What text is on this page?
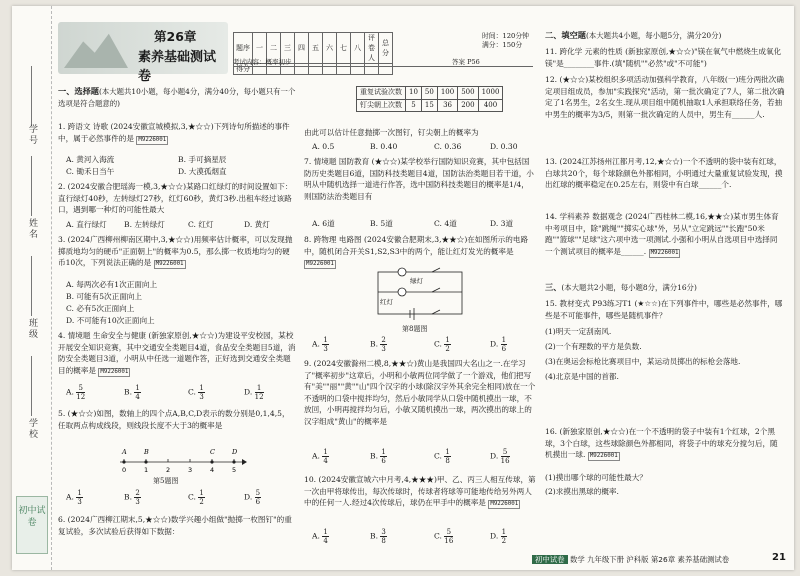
学号
姓名
班级
学校
初中试卷
第26章
素养基础测试卷
题序	一	二	三	四	五	六	七	八	评卷人	总分
得分										
时间：120分钟
满分：150分
考试内容：概率初步	答案 P56
一、选择题(本大题共10小题，每小题4分，满分40分，每小题只有一个选项是符合题意的)
1. 跨语文 诗歌 (2024安徽宣城模拟,3,★☆☆)下列诗句所描述的事件中，属于必然事件的是 M9226001
A. 黄河入海流	B. 手可摘星辰
C. 锄禾日当午	D. 大漠孤烟直
2. (2024安徽合肥瑶海一模,3,★☆☆)某路口红绿灯的时间设置如下：直行绿灯40秒，左转绿灯27秒，红灯60秒，黄灯3秒.出租车经过该路口，遇到哪一种灯的可能性最大
A. 直行绿灯 B. 左转绿灯	C. 红灯	D. 黄灯
3. (2024广西柳州柳南区期中,3,★☆☆)用频率估计概率，可以发现抛掷质地均匀的硬币"正面朝上"的概率为0.5，那么掷一枚质地均匀的硬币10次，下列说法正确的是 M9226001
A. 每两次必有1次正面向上
B. 可能有5次正面向上
C. 必有5次正面向上
D. 不可能有10次正面向上
4. 情境题 生命安全与健康 (新独家原创,★☆☆)为建设平安校园，某校开展安全知识竞赛，其中交通安全类题目4道，食品安全类题目5道，消防安全类题目3道，小明从中任选一道题作答，正好选到交通安全类题目的概率是 M9226001
A. $\frac{5}{12}$	B. $\frac{1}{4}$	C. $\frac{1}{3}$	D. $\frac{1}{12}$
5. (★☆☆)如图，数轴上的四个点A,B,C,D表示的数分别是0,1,4,5，任取两点构成线段，则线段长度不大于3的概率是
0	1	2	3	4	5
A	B	C	D
第5题图
A. $\frac{1}{3}$	B. $\frac{2}{3}$	C. $\frac{1}{2}$	D. $\frac{5}{6}$
6. (2024广西柳江期末,5,★☆☆)数学兴趣小组做"抛掷一枚图钉"的重复试验，多次试验后获得如下数据：
重复试验次数	10	50	100	500	1000
钉尖朝上次数	5	15	36	200	400
由此可以估计任意抛掷一次图钉，钉尖朝上的概率为
A. 0.5	B. 0.40	C. 0.36	D. 0.30
7. 情境题 国防教育 (★☆☆)某学校举行国防知识竞赛，其中包括国防历史类题目6道，国防科技类题目4道，国防法治类题目若干道，小明从中随机选择一道进行作答，选中国防科技类题目的概率是1/4，则国防法治类题目有
A. 6道	B. 5道	C. 4道	D. 3道
8. 跨物理 电路图 (2024安徽合肥期末,3,★★☆)在如图所示的电路中，随机闭合开关S1,S2,S3中的两个，能让红灯发光的概率是 M9226001
绿灯
红灯
第8题图
A. $\frac{1}{3}$	B. $\frac{2}{3}$	C. $\frac{1}{2}$	D. $\frac{1}{6}$
9. (2024安徽滁州二模,8,★★☆)黄山是我国四大名山之一.在学习了"概率初步"这章后，小明和小敏两位同学做了一个游戏，他们把写有"美""丽""黄""山"四个汉字的小球(除汉字外其余完全相同)放在一个不透明的口袋中搅拌均匀，然后小敏同学从口袋中随机摸出一球，不放回，小明再搅拌均匀后，小敏又随机摸出一球，两次摸出的球上的汉字组成"黄山"的概率是
A. $\frac{1}{4}$	B. $\frac{1}{6}$	C. $\frac{1}{8}$	D. $\frac{5}{16}$
10. (2024安徽宣城六中月考,4,★★★)甲、乙、丙三人相互传球，第一次由甲将球传出，每次传球时，传球者将球等可能地传给另外两人中的任何一人.经过4次传球后，球仍在甲手中的概率是 M9226001
A. $\frac{1}{4}$	B. $\frac{3}{8}$	C. $\frac{5}{16}$	D. $\frac{1}{2}$
二、填空题(本大题共4小题，每小题5分，满分20分)
11. 跨化学 元素的性质 (新独家原创,★☆☆)"镁在氧气中燃烧生成氧化镁"是________事件.(填"随机""必然"或"不可能")
12. (★☆☆)某校组织多项活动加强科学教育，八年级(一)班分两批次确定项目组成员，参加"实践探究"活动，第一批次确定了7人，第二批次确定了1名男生，2名女生.现从项目组中随机抽取1人承担联络任务，若抽中男生的概率为3/5，则第一批次确定的人员中，男生有______人.
13. (2024江苏扬州江都月考,12,★☆☆)一个不透明的袋中装有红球，白球共20个，每个球除颜色外都相同，小明通过大量重复试验发现，摸出红球的概率稳定在0.25左右，则袋中有白球______个.
14. 学科素养 数据观念 (2024广西桂林二模,16,★★☆)某市男生体育中考项目中，除"跳绳""掷实心球"外，另从"立定跳远""长跑"50米跑""篮球""足球"这六项中选一项测试.小强和小明从自选项目中选择同一个测试项目的概率是______. M9226001
三、(本大题共2小题，每小题8分，满分16分)
15. 教材变式 P93练习T1 (★☆☆)在下列事件中，哪些是必然事件，哪些是不可能事件，哪些是随机事件？
(1)明天一定刮南风.
(2)一个有理数的平方是负数.
(3)在奥运会标枪比赛项目中，某运动员掷出的标枪会落地.
(4)北京是中国的首都.
16. (新独家原创,★☆☆)在一个不透明的袋子中装有1个红球，2个黑球，3个白球，这些球除颜色外都相同，将袋子中的球充分搅匀后，随机摸出一球. M9226001
(1)摸出哪个球的可能性最大？
(2)求摸出黑球的概率.
初中试卷 数学 九年级下册 沪科版 第26章 素养基础测试卷	21
